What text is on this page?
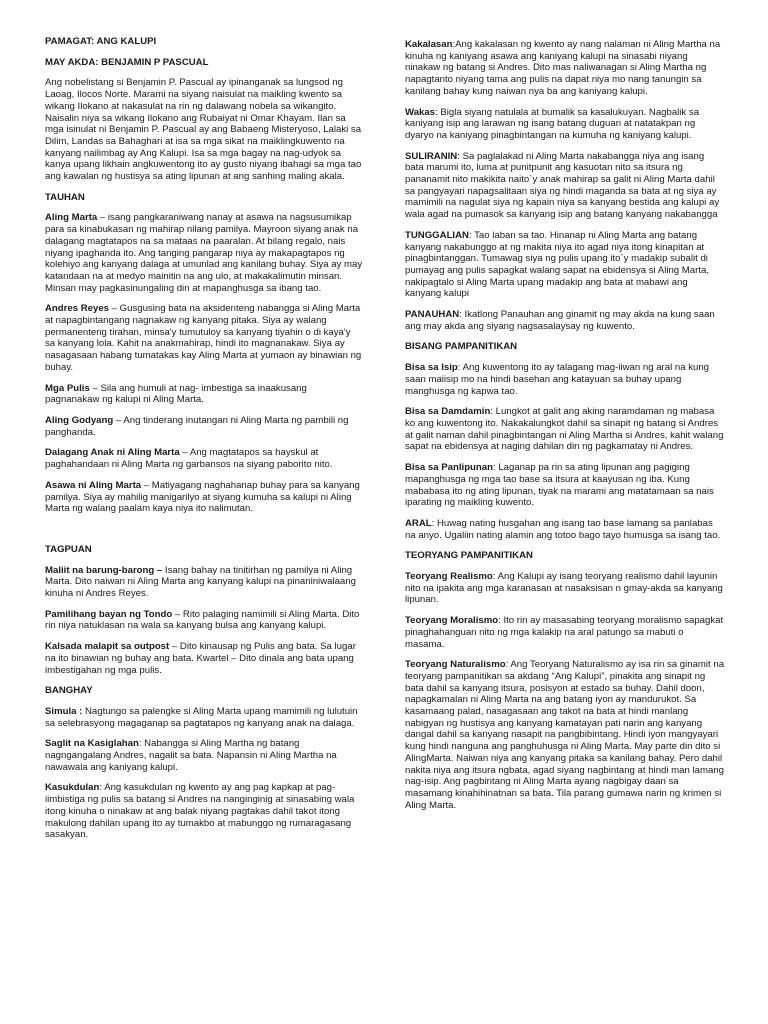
PAMAGAT: ANG KALUPI
MAY AKDA: BENJAMIN P PASCUAL

Ang nobelistang si Benjamin P. Pascual ay ipinanganak sa lungsod ng Laoag, Ilocos Norte. Marami na siyang naisulat na maikling kwento sa wikang Ilokano at nakasulat na rin ng dalawang nobela sa wikangito. Naisalin niya sa wikang Ilokano ang Rubaiyat ni Omar Khayam. Ilan sa mga isinulat ni Benjamin P. Pascual ay ang Babaeng Misteryoso, Lalaki sa Dilim, Landas sa Bahaghari at isa sa mga sikat na maiklingkuwento na kanyang nailimbag ay Ang Kalupi. Isa sa mga bagay na nag-udyok sa kanya upang likhain angkuwentong ito ay gusto niyang ibahagi sa mga tao ang kawalan ng hustisya sa ating lipunan at ang sanhing maling akala.

TAUHAN

Aling Marta – isang pangkaraniwang nanay at asawa na nagsusumikap para sa kinabukasan ng mahirap nilang pamilya. Mayroon siyang anak na dalagang magtatapos na sa mataas na paaralan. At bilang regalo, nais niyang ipaghanda ito. Ang tanging pangarap niya ay makapagtapos ng kolehiyo ang kanyang dalaga at umunlad ang kanilang buhay. Siya ay may katandaan na at medyo mainitin na ang ulo, at makakalimutin minsan. Minsan may pagkasinungaling din at mapanghusga sa ibang tao.

Andres Reyes – Gusgusing bata na aksidenteng nabangga si Aling Marta at napagbintangang nagnakaw ng kanyang pitaka. Siya ay walang permanenteng tirahan, minsa'y tumutuloy sa kanyang tiyahin o di kaya'y sa kanyang lola. Kahit na anakmahirap, hindi ito magnanakaw. Siya ay nasagasaan habang tumatakas kay Aling Marta at yumaon ay binawian ng buhay.

Mga Pulis – Sila ang humuli at nag- imbestiga sa inaakusang pagnanakaw ng kalupi ni Aling Marta.

Aling Godyang – Ang tinderang inutangan ni Aling Marta ng pambili ng panghanda.

Dalagang Anak ni Aling Marta – Ang magtatapos sa hayskul at paghahandaan ni Aling Marta ng garbansos na siyang paborito nito.

Asawa ni Aling Marta – Matiyagang naghahanap buhay para sa kanyang pamilya. Siya ay mahilig manigarilyo at siyang kumuha sa kalupi ni Aling Marta ng walang paalam kaya niya ito nalimutan.

TAGPUAN

Maliit na barung-barong – Isang bahay na tinitirhan ng pamilya ni Aling Marta. Dito naiwan ni Aling Marta ang kanyang kalupi na pinaniniwalaang kinuha ni Andres Reyes.

Pamilihang bayan ng Tondo – Rito palaging namimili si Aling Marta. Dito rin niya natuklasan na wala sa kanyang bulsa ang kanyang kalupi.

Kalsada malapit sa outpost – Dito kinausap ng Pulis ang bata. Sa lugar na ito binawian ng buhay ang bata. Kwartel – Dito dinala ang bata upang imbestigahan ng mga pulis.

BANGHAY

Simula : Nagtungo sa palengke si Aling Marta upang mamimili ng lulutuin sa selebrasyong magaganap sa pagtatapos ng kanyang anak na dalaga.

Saglit na Kasiglahan: Nabangga si Aling Martha ng batang nagngangalang Andres, nagalit sa bata. Napansin ni Aling Martha na nawawala ang kaniyang kalupi.

Kasukdulan: Ang kasukdulan ng kwento ay ang pag kapkap at pag-iimbistiga ng pulis sa batang si Andres na nanginginig at sinasabing wala itong kinuha o ninakaw at ang balak niyang pagtakas dahil takot itong makulong dahilan upang ito ay tumakbo at mabunggo ng rumaragasang sasakyan.

Kakalasan:Ang kakalasan ng kwento ay nang nalaman ni Aling Martha na kinuha ng kaniyang asawa ang kaniyang kalupi na sinasabi niyang ninakaw ng batang si Andres. Dito mas naliwanagan si Aling Martha ng napagtanto niyang tama ang pulis na dapat niya mo nang tanungin sa kanilang bahay kung naiwan nya ba ang kaniyang kalupi.

Wakas: Bigla siyang natulala at bumalik sa kasalukuyan. Nagbalik sa kaniyang isip ang larawan ng isang batang duguan at natatakpan ng dyaryo na kaniyang pinagbintangan na kumuha ng kaniyang kalupi.

SULIRANIN: Sa paglalakad ni Aling Marta nakabangga niya ang isang bata marumi ito, luma at punitpunit ang kasuotan nito sa itsura ng pananamit nito makikita naito`y anak mahirap sa galit ni Aling Marta dahil sa pangyayari napagsalitaan siya ng hindi maganda sa bata at ng siya ay mamimili na nagulat siya ng kapain niya sa kanyang bestida ang kalupi ay wala agad na pumasok sa kanyang isip ang batang kanyang nakabangga

TUNGGALIAN: Tao laban sa tao. Hinanap ni Aling Marta ang batang kanyang nakabunggo at ng makita niya ito agad niya itong kinapitan at pinagbintanggan. Tumawag siya ng pulis upang ito`y madakip subalit di pumayag ang pulis sapagkat walang sapat na ebidensya si Aling Marta, nakipagtalo si Aling Marta upang madakip ang bata at mabawi ang kanyang kalupi

PANAUHAN: Ikatlong Panauhan ang ginamit ng may akda na kung saan ang may akda ang siyang nagsasalaysay ng kuwento.

BISANG PAMPANITIKAN

Bisa sa Isip: Ang kuwentong ito ay talagang mag-iiwan ng aral na kung saan maiisip mo na hindi basehan ang katayuan sa buhay upang manghusga ng kapwa tao.

Bisa sa Damdamin: Lungkot at galit ang aking naramdaman ng mabasa ko ang kuwentong ito. Nakakalungkot dahil sa sinapit ng batang si Andres at galit naman dahil pinagbintangan ni Aling Martha si Andres, kahit walang sapat na ebidensya at naging dahilan din ng pagkamatay ni Andres.

Bisa sa Panlipunan: Laganap pa rin sa ating lipunan ang pagiging mapanghusga ng mga tao base sa itsura at kaayusan ng iba. Kung mababasa ito ng ating lipunan, tiyak na marami ang matatamaan sa nais iparating ng maikling kuwento.

ARAL: Huwag nating husgahan ang isang tao base lamang sa panlabas na anyo. Ugaliin nating alamin ang totoo bago tayo humusga sa isang tao.

TEORYANG PAMPANITIKAN

Teoryang Realismo: Ang Kalupi ay isang teoryang realismo dahil layunin nito na ipakita ang mga karanasan at nasaksisan n gmay-akda sa kanyang lipunan.

Teoryang Moralismo: Ito rin ay masasabing teoryang moralismo sapagkat pinaghahanguan nito ng mga kalakip na aral patungo sa mabuti o masama.

Teoryang Naturalismo: Ang Teoryang Naturalismo ay isa rin sa ginamit na teoryang pampanitikan sa akdang “Ang Kalupi”, pinakita ang sinapit ng bata dahil sa kanyang itsura, posisyon at estado sa buhay. Dahil doon, napagkamalan ni Aling Marta na ang batang iyon ay mandurukot. Sa kasamaang palad, nasagasaan ang takot na bata at hindi manlang nabigyan ng hustisya ang kanyang kamatayan pati narin ang kanyang dangal dahil sa kanyang nasapit na pangbibintang. Hindi iyon mangyayari kung hindi nanguna ang panghuhusga ni Aling Marta. May parte din dito si AlingMarta. Naiwan niya ang kanyang pitaka sa kanilang bahay. Pero dahil nakita niya ang itsura ngbata, agad siyang nagbintang at hindi man lamang nag-isip. Ang pagbintang ni Aling Marta ayang nagbigay daan sa masamang kinahihinatnan sa bata. Tila parang gumawa narin ng krimen si Aling Marta.
